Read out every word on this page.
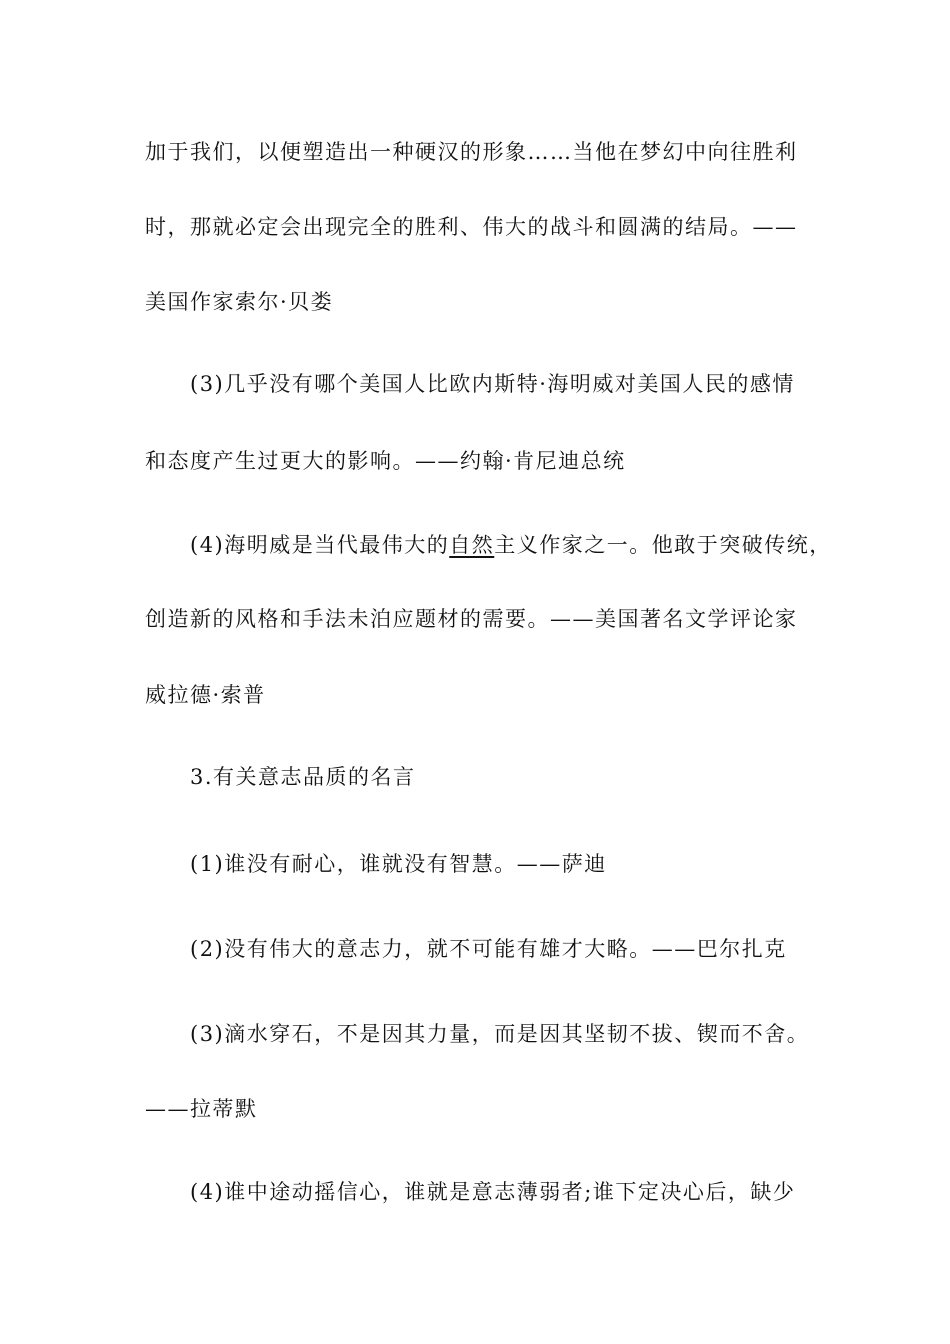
加于我们，以便塑造出一种硬汉的形象……当他在梦幻中向往胜利
时，那就必定会出现完全的胜利、伟大的战斗和圆满的结局。——
美国作家索尔·贝娄
(3)几乎没有哪个美国人比欧内斯特·海明威对美国人民的感情
和态度产生过更大的影响。——约翰·肯尼迪总统
(4)海明威是当代最伟大的自然主义作家之一。他敢于突破传统，
创造新的风格和手法未泊应题材的需要。——美国著名文学评论家
威拉德·索普
3.有关意志品质的名言
(1)谁没有耐心，谁就没有智慧。——萨迪
(2)没有伟大的意志力，就不可能有雄才大略。——巴尔扎克
(3)滴水穿石，不是因其力量，而是因其坚韧不拔、锲而不舍。
——拉蒂默
(4)谁中途动摇信心，谁就是意志薄弱者;谁下定决心后，缺少
